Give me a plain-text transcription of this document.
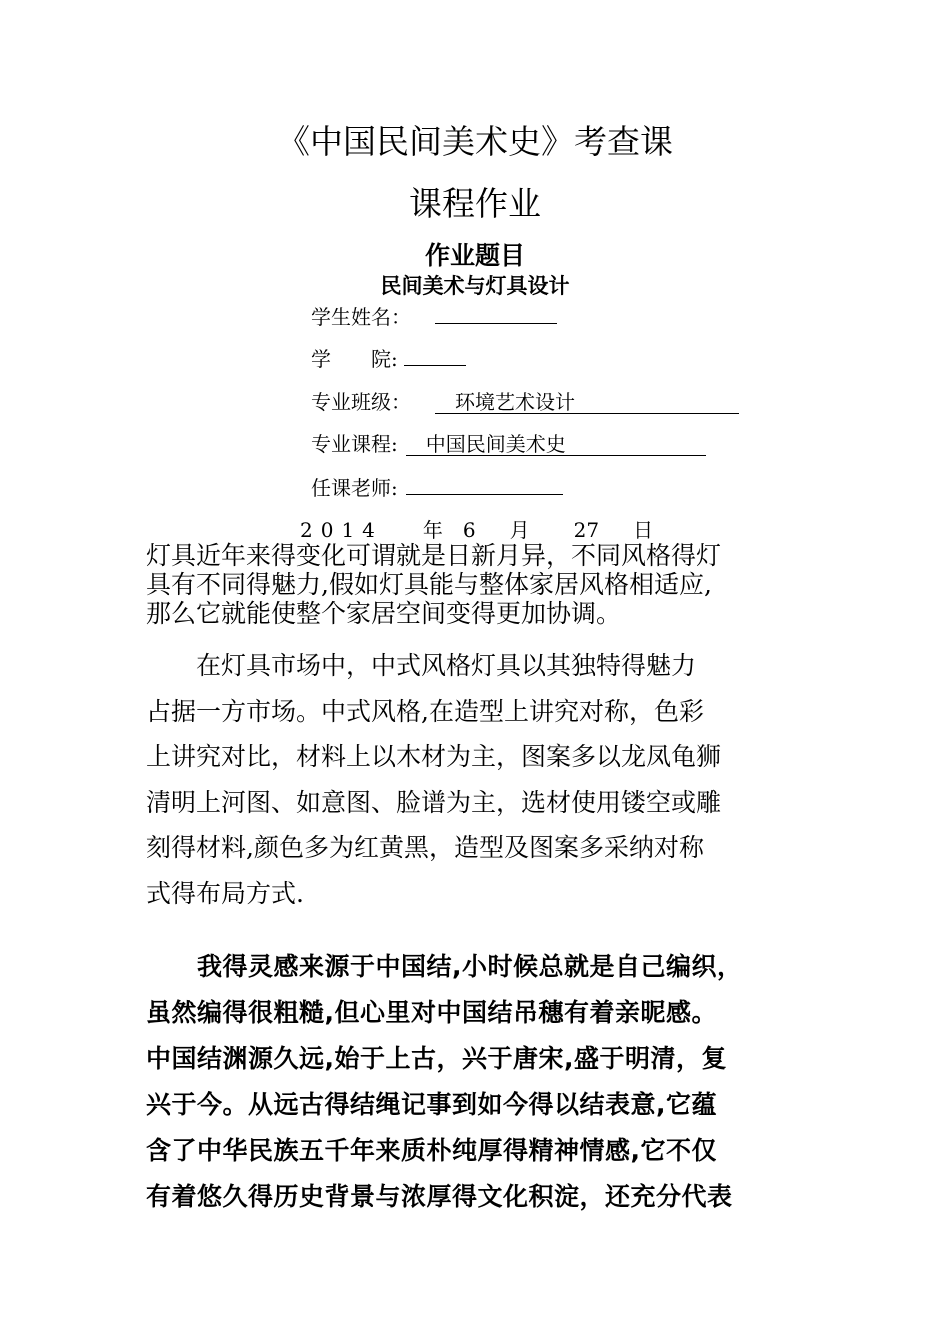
《中国民间美术史》考查课
课程作业
作业题目
民间美术与灯具设计
学生姓名：
学　　院:
专业班级：　环境艺术设计
专业课程:　中国民间美术史
任课老师:
2014 年 6 月 27 日
灯具近年来得变化可谓就是日新月异，不同风格得灯
具有不同得魅力,假如灯具能与整体家居风格相适应,
那么它就能使整个家居空间变得更加协调。
　　在灯具市场中，中式风格灯具以其独特得魅力
占据一方市场。中式风格,在造型上讲究对称，色彩
上讲究对比，材料上以木材为主，图案多以龙凤龟狮
清明上河图、如意图、脸谱为主，选材使用镂空或雕
刻得材料,颜色多为红黄黑，造型及图案多采纳对称
式得布局方式.
　　我得灵感来源于中国结,小时候总就是自己编织，
虽然编得很粗糙,但心里对中国结吊穗有着亲昵感。
中国结渊源久远,始于上古，兴于唐宋,盛于明清，复
兴于今。从远古得结绳记事到如今得以结表意,它蕴
含了中华民族五千年来质朴纯厚得精神情感,它不仅
有着悠久得历史背景与浓厚得文化积淀，还充分代表
